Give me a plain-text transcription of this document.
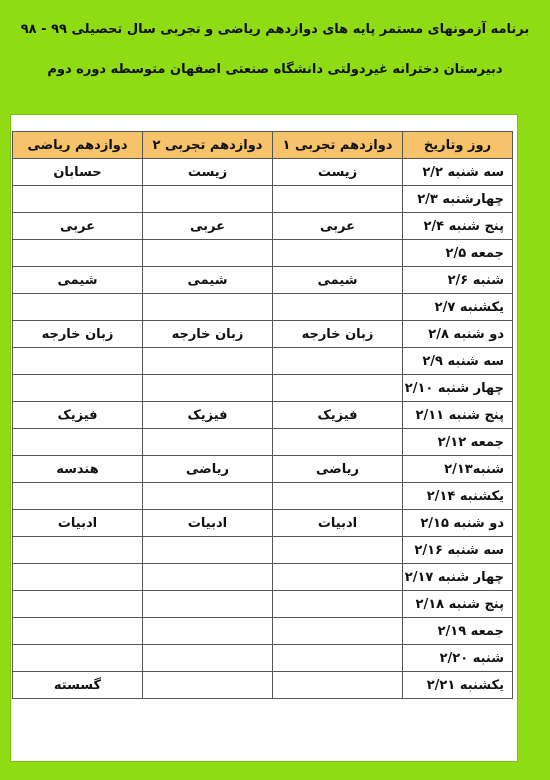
برنامه آزمونهای مستمر پایه های دوازدهم ریاضی و تجربی سال تحصیلی ۹۹ - ۹۸
دبیرستان دخترانه غیردولتی دانشگاه صنعتی اصفهان متوسطه دوره دوم
روز وتاریخ	دوازدهم تجربی ۱	دوازدهم تجربی ۲	دوازدهم ریاضی
سه شنبه ۲/۲	زیست	زیست	حسابان
چهارشنبه ۲/۳			
پنج شنبه ۲/۴	عربی	عربی	عربی
جمعه ۲/۵			
شنبه ۲/۶	شیمی	شیمی	شیمی
یکشنبه ۲/۷			
دو شنبه ۲/۸	زبان خارجه	زبان خارجه	زبان خارجه
سه شنبه ۲/۹			
چهار شنبه ۲/۱۰			
پنج شنبه ۲/۱۱	فیزیک	فیزیک	فیزیک
جمعه ۲/۱۲			
شنبه۲/۱۳	ریاضی	ریاضی	هندسه
یکشنبه ۲/۱۴			
دو شنبه ۲/۱۵	ادبیات	ادبیات	ادبیات
سه شنبه ۲/۱۶			
چهار شنبه ۲/۱۷			
پنج شنبه ۲/۱۸			
جمعه ۲/۱۹			
شنبه ۲/۲۰			
یکشنبه ۲/۲۱			گسسته
